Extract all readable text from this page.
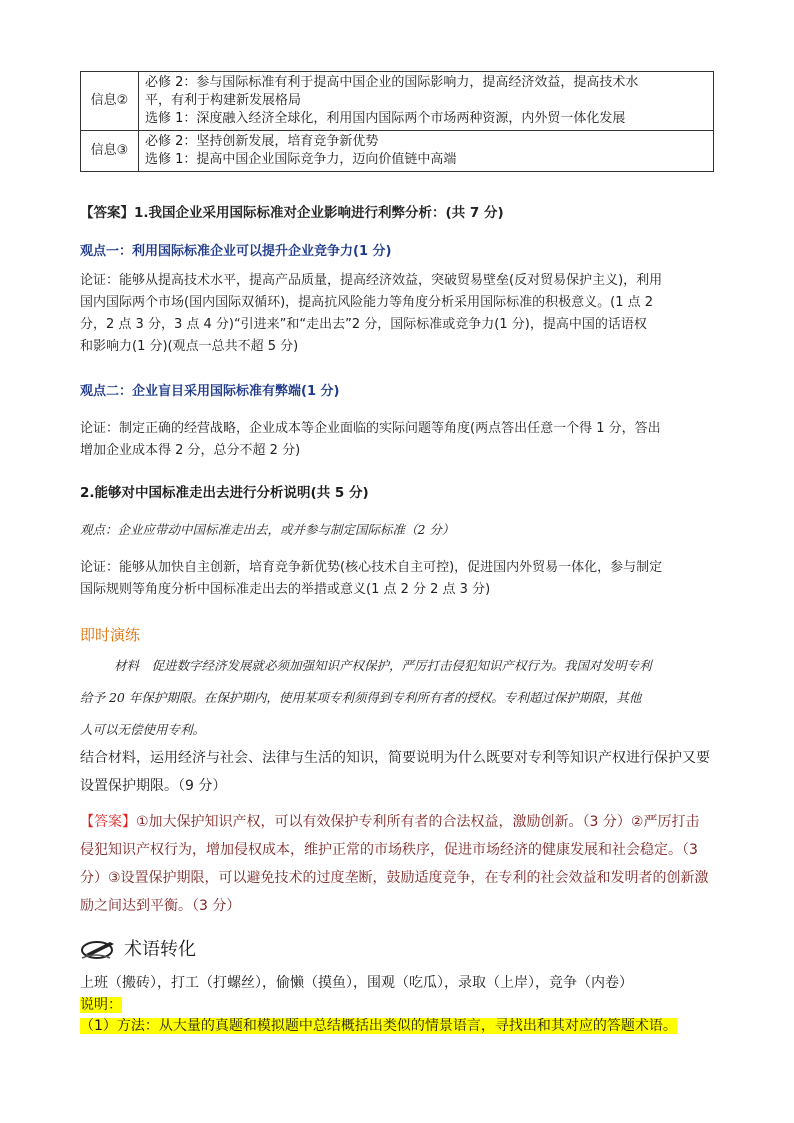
信息②	必修 2：参与国际标准有利于提高中国企业的国际影响力，提高经济效益，提高技术水
平，有利于构建新发展格局
选修 1：深度融入经济全球化，利用国内国际两个市场两种资源，内外贸一体化发展

信息③	必修 2：坚持创新发展，培育竞争新优势
选修 1：提高中国企业国际竞争力，迈向价值链中高端
【答案】1.我国企业采用国际标准对企业影响进行利弊分析：(共 7 分)
观点一：利用国际标准企业可以提升企业竞争力(1 分)
论证：能够从提高技术水平，提高产品质量，提高经济效益，突破贸易壁垒(反对贸易保护主义)，利用
国内国际两个市场(国内国际双循环)，提高抗风险能力等角度分析采用国际标准的积极意义。(1 点 2
分，2 点 3 分，3 点 4 分)“引进来”和“走出去”2 分，国际标准或竞争力(1 分)，提高中国的话语权
和影响力(1 分)(观点一总共不超 5 分)
观点二：企业盲目采用国际标准有弊端(1 分)
论证：制定正确的经营战略，企业成本等企业面临的实际问题等角度(两点答出任意一个得 1 分，答出
增加企业成本得 2 分，总分不超 2 分)
2.能够对中国标准走出去进行分析说明(共 5 分)
观点：企业应带动中国标准走出去，或并参与制定国际标准（2 分）
论证：能够从加快自主创新，培育竞争新优势(核心技术自主可控)，促进国内外贸易一体化，参与制定
国际规则等角度分析中国标准走出去的举措或意义(1 点 2 分 2 点 3 分)
即时演练
材料　促进数字经济发展就必须加强知识产权保护，严厉打击侵犯知识产权行为。我国对发明专利
给予 20 年保护期限。在保护期内，使用某项专利须得到专利所有者的授权。专利超过保护期限，其他
人可以无偿使用专利。
结合材料，运用经济与社会、法律与生活的知识，简要说明为什么既要对专利等知识产权进行保护又要
设置保护期限。（9 分）
【答案】①加大保护知识产权，可以有效保护专利所有者的合法权益，激励创新。（3 分）②严厉打击
侵犯知识产权行为，增加侵权成本，维护正常的市场秩序，促进市场经济的健康发展和社会稳定。（3
分）③设置保护期限，可以避免技术的过度垄断，鼓励适度竞争，在专利的社会效益和发明者的创新激
励之间达到平衡。（3 分）
术语转化
上班（搬砖），打工（打螺丝），偷懒（摸鱼），围观（吃瓜），录取（上岸），竞争（内卷）
说明：
（1）方法：从大量的真题和模拟题中总结概括出类似的情景语言，寻找出和其对应的答题术语。
